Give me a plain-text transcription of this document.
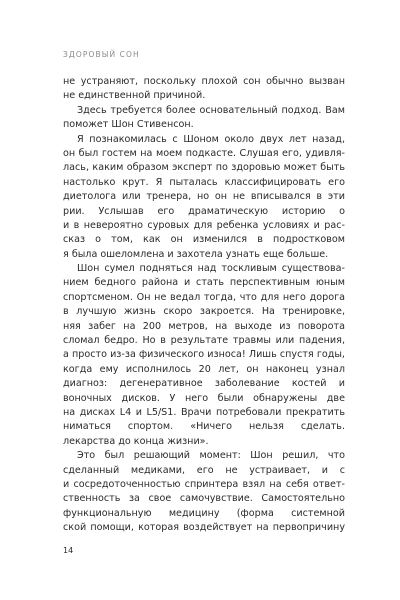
ЗДОРОВЫЙ СОН
не устраняют, поскольку плохой сон обычно вызван
не единственной причиной.
Здесь требуется более основательный подход. Вам
поможет Шон Стивенсон.
Я познакомилась с Шоном около двух лет назад,
он был гостем на моем подкасте. Слушая его, удивля-
лась, каким образом эксперт по здоровью может быть
настолько крут. Я пыталась классифицировать его
диетолога или тренера, но он не вписывался в эти
рии. Услышав его драматическую историю о
и в невероятно суровых для ребенка условиях и рас-
сказ о том, как он изменился в подростковом
я была ошеломлена и захотела узнать еще больше.
Шон сумел подняться над тоскливым существова-
нием бедного района и стать перспективным юным
спортсменом. Он не ведал тогда, что для него дорога
в лучшую жизнь скоро закроется. На тренировке,
няя забег на 200 метров, на выходе из поворота
сломал бедро. Но в результате травмы или падения,
а просто из-за физического износа! Лишь спустя годы,
когда ему исполнилось 20 лет, он наконец узнал
диагноз: дегенеративное заболевание костей и
воночных дисков. У него были обнаружены две
на дисках L4 и L5/S1. Врачи потребовали прекратить
ниматься спортом. «Ничего нельзя сделать.
лекарства до конца жизни».
Это был решающий момент: Шон решил, что
сделанный медиками, его не устраивает, и с
и сосредоточенностью спринтера взял на себя ответ-
ственность за свое самочувствие. Самостоятельно
функциональную медицину (форма системной
ской помощи, которая воздействует на первопричину
14
